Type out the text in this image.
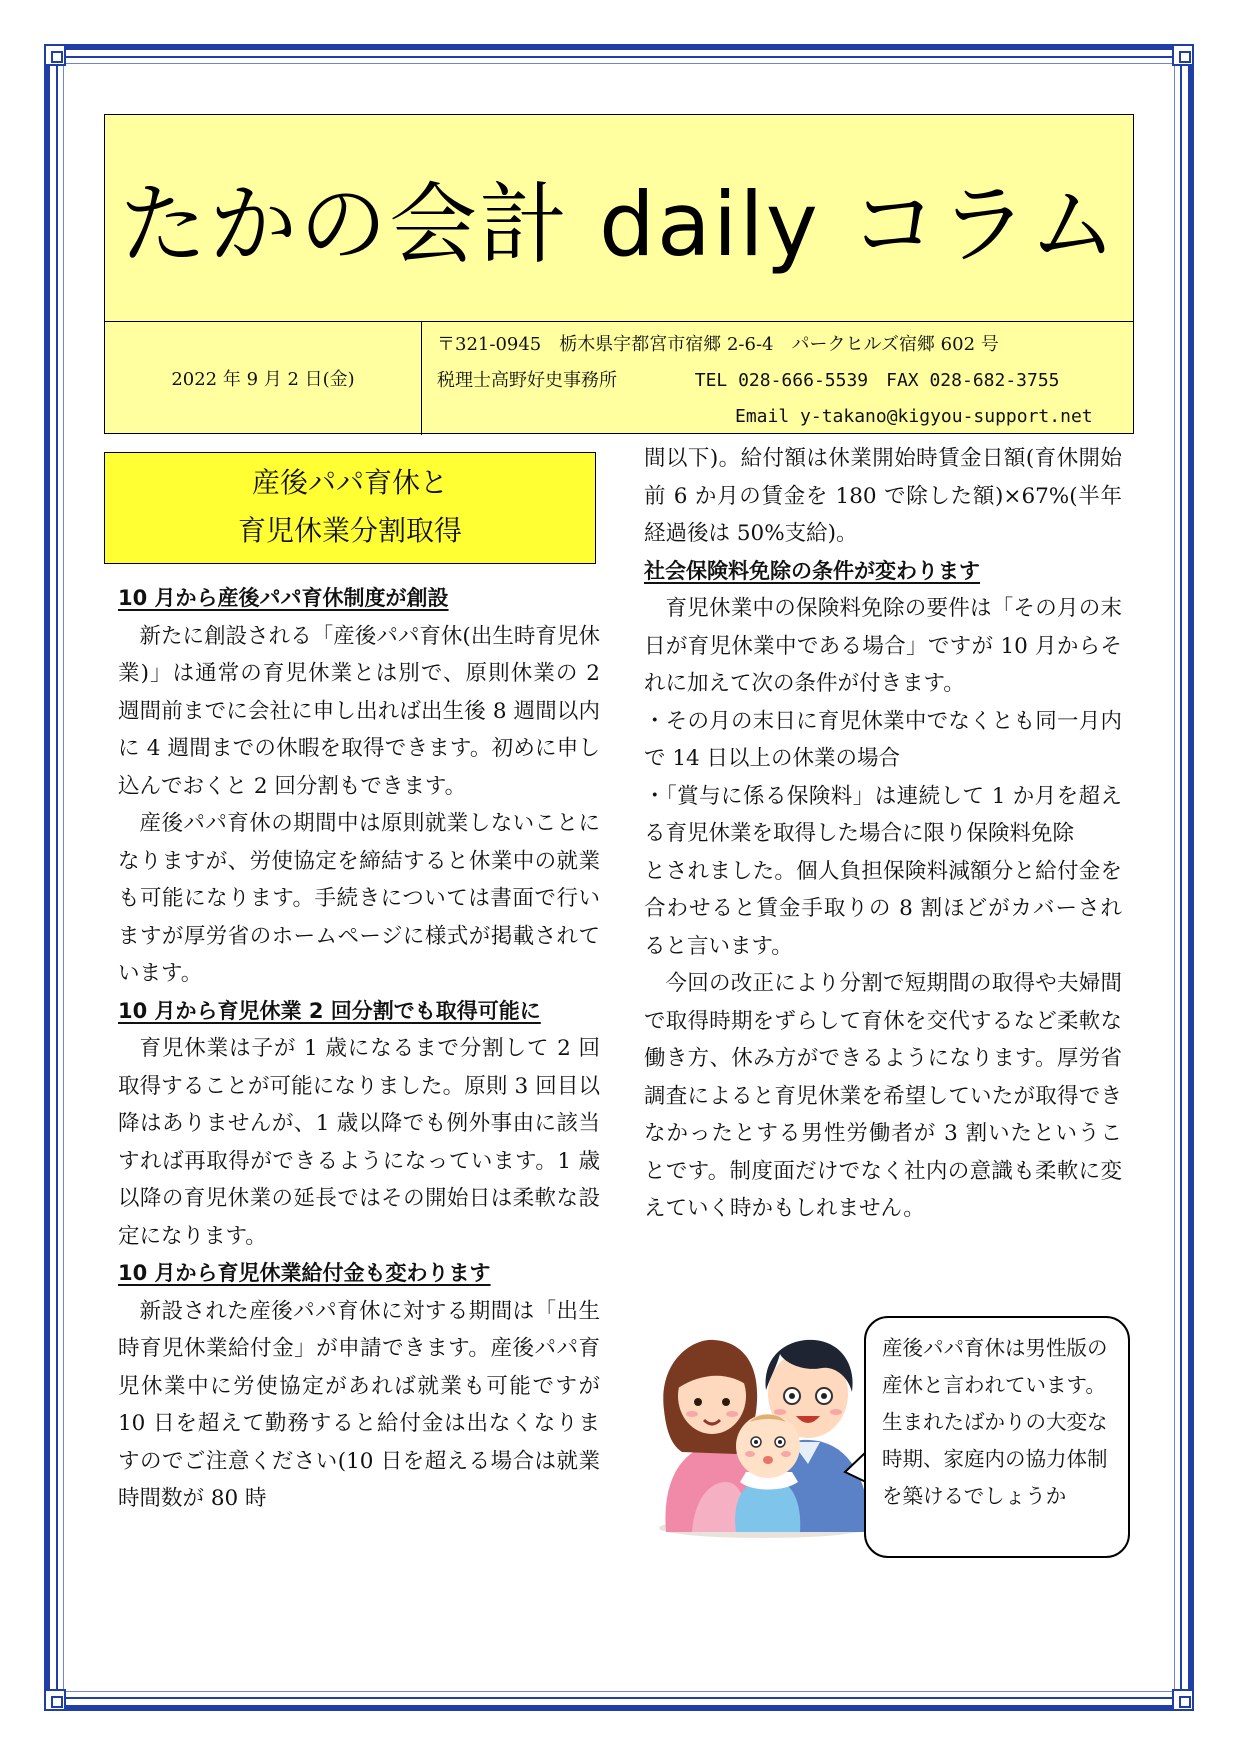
たかの会計 daily コラム
2022 年 9 月 2 日(金)
〒321-0945　栃木県宇都宮市宿郷 2-6-4　パークヒルズ宿郷 602 号
税理士高野好史事務所	TEL 028-666-5539　FAX 028-682-3755
Email y-takano@kigyou-support.net
産後パパ育休と
育児休業分割取得
10 月から産後パパ育休制度が創設
新たに創設される「産後パパ育休(出生時育児休業)」は通常の育児休業とは別で、原則休業の 2 週間前までに会社に申し出れば出生後 8 週間以内に 4 週間までの休暇を取得できます。初めに申し込んでおくと 2 回分割もできます。
産後パパ育休の期間中は原則就業しないことになりますが、労使協定を締結すると休業中の就業も可能になります。手続きについては書面で行いますが厚労省のホームページに様式が掲載されています。
10 月から育児休業 2 回分割でも取得可能に
育児休業は子が 1 歳になるまで分割して 2 回取得することが可能になりました。原則 3 回目以降はありませんが、1 歳以降でも例外事由に該当すれば再取得ができるようになっています。1 歳以降の育児休業の延長ではその開始日は柔軟な設定になります。
10 月から育児休業給付金も変わります
新設された産後パパ育休に対する期間は「出生時育児休業給付金」が申請できます。産後パパ育児休業中に労使協定があれば就業も可能ですが 10 日を超えて勤務すると給付金は出なくなりますのでご注意ください(10 日を超える場合は就業時間数が 80 時
間以下)。給付額は休業開始時賃金日額(育休開始前 6 か月の賃金を 180 で除した額)×67%(半年経過後は 50%支給)。
社会保険料免除の条件が変わります
育児休業中の保険料免除の要件は「その月の末日が育児休業中である場合」ですが 10 月からそれに加えて次の条件が付きます。
・その月の末日に育児休業中でなくとも同一月内で 14 日以上の休業の場合
・「賞与に係る保険料」は連続して 1 か月を超える育児休業を取得した場合に限り保険料免除
とされました。個人負担保険料減額分と給付金を合わせると賃金手取りの 8 割ほどがカバーされると言います。
今回の改正により分割で短期間の取得や夫婦間で取得時期をずらして育休を交代するなど柔軟な働き方、休み方ができるようになります。厚労省調査によると育児休業を希望していたが取得できなかったとする男性労働者が 3 割いたということです。制度面だけでなく社内の意識も柔軟に変えていく時かもしれません。
産後パパ育休は男性版の産休と言われています。生まれたばかりの大変な時期、家庭内の協力体制を築けるでしょうか
